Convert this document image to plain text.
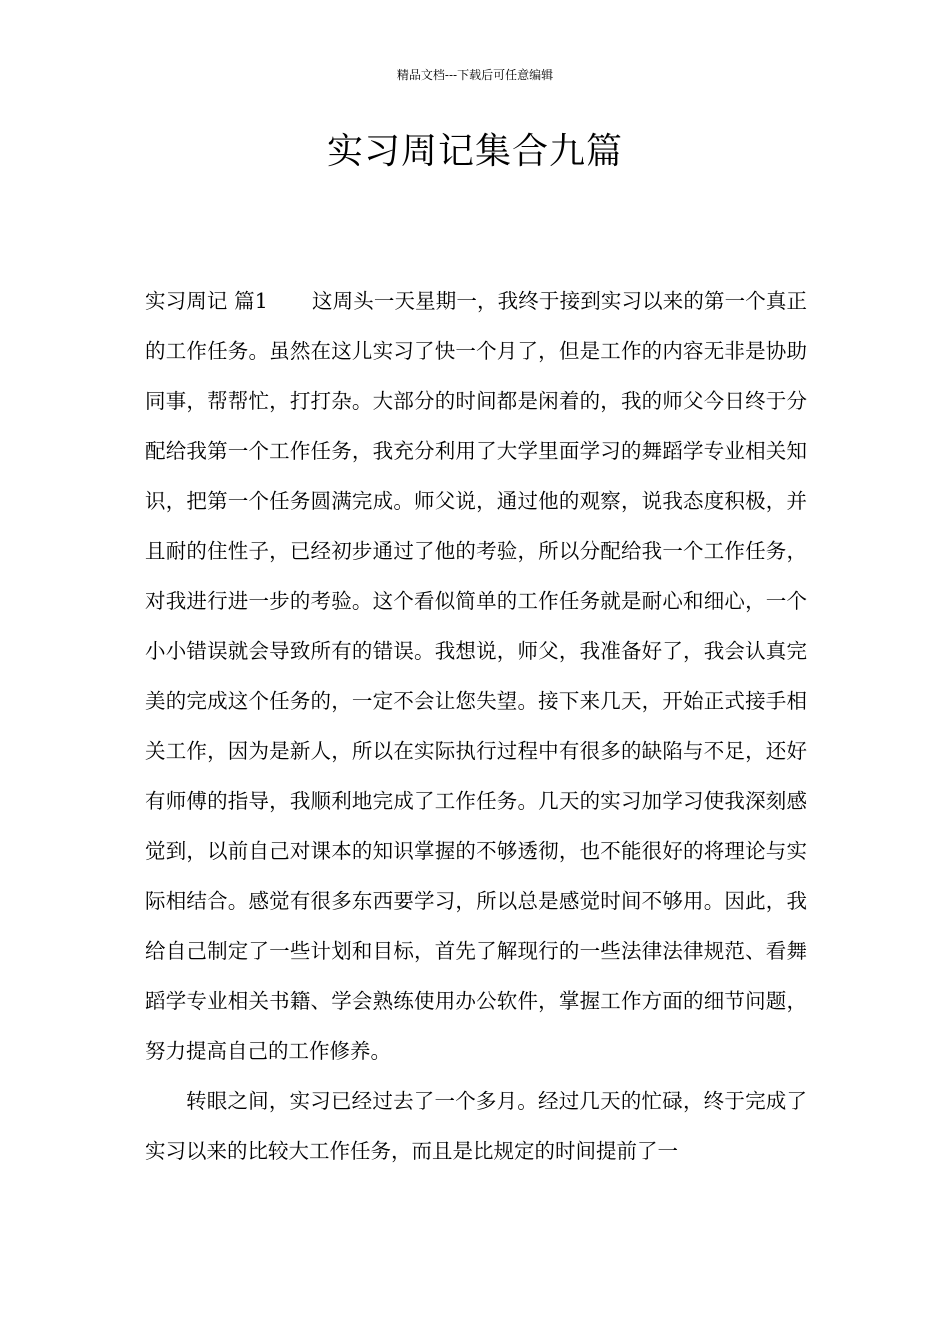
精品文档---下载后可任意编辑
实习周记集合九篇

实习周记 篇1 这周头一天星期一，我终于接到实习以来的第一个真正的工作任务。虽然在这儿实习了快一个月了，但是工作的内容无非是协助同事，帮帮忙，打打杂。大部分的时间都是闲着的，我的师父今日终于分配给我第一个工作任务，我充分利用了大学里面学习的舞蹈学专业相关知识，把第一个任务圆满完成。师父说，通过他的观察，说我态度积极，并且耐的住性子，已经初步通过了他的考验，所以分配给我一个工作任务，对我进行进一步的考验。这个看似简单的工作任务就是耐心和细心，一个小小错误就会导致所有的错误。我想说，师父，我准备好了，我会认真完美的完成这个任务的，一定不会让您失望。接下来几天，开始正式接手相关工作，因为是新人，所以在实际执行过程中有很多的缺陷与不足，还好有师傅的指导，我顺利地完成了工作任务。几天的实习加学习使我深刻感觉到，以前自己对课本的知识掌握的不够透彻，也不能很好的将理论与实际相结合。感觉有很多东西要学习，所以总是感觉时间不够用。因此，我给自己制定了一些计划和目标，首先了解现行的一些法律法律规范、看舞蹈学专业相关书籍、学会熟练使用办公软件，掌握工作方面的细节问题，努力提高自己的工作修养。

转眼之间，实习已经过去了一个多月。经过几天的忙碌，终于完成了实习以来的比较大工作任务，而且是比规定的时间提前了一
